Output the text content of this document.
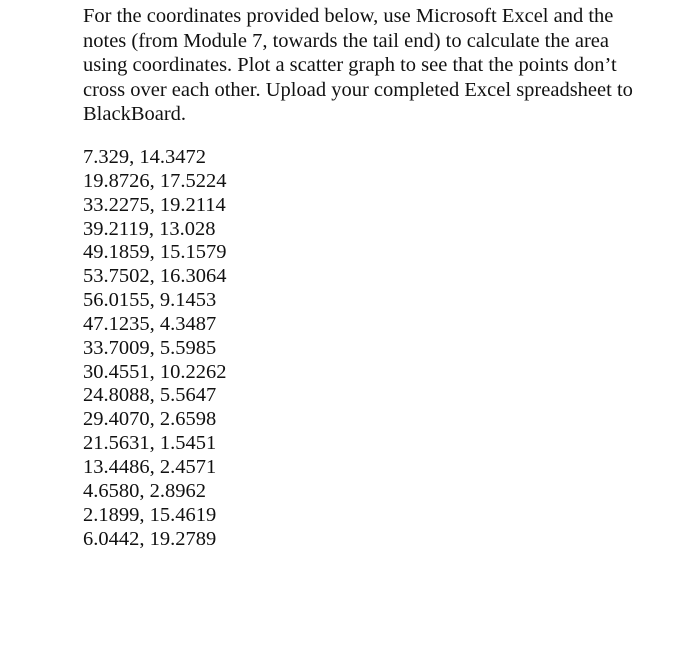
For the coordinates provided below, use Microsoft Excel and the notes (from Module 7, towards the tail end) to calculate the area using coordinates. Plot a scatter graph to see that the points don’t cross over each other. Upload your completed Excel spreadsheet to BlackBoard.

7.329, 14.3472
19.8726, 17.5224
33.2275, 19.2114
39.2119, 13.028
49.1859, 15.1579
53.7502, 16.3064
56.0155, 9.1453
47.1235, 4.3487
33.7009, 5.5985
30.4551, 10.2262
24.8088, 5.5647
29.4070, 2.6598
21.5631, 1.5451
13.4486, 2.4571
4.6580, 2.8962
2.1899, 15.4619
6.0442, 19.2789
